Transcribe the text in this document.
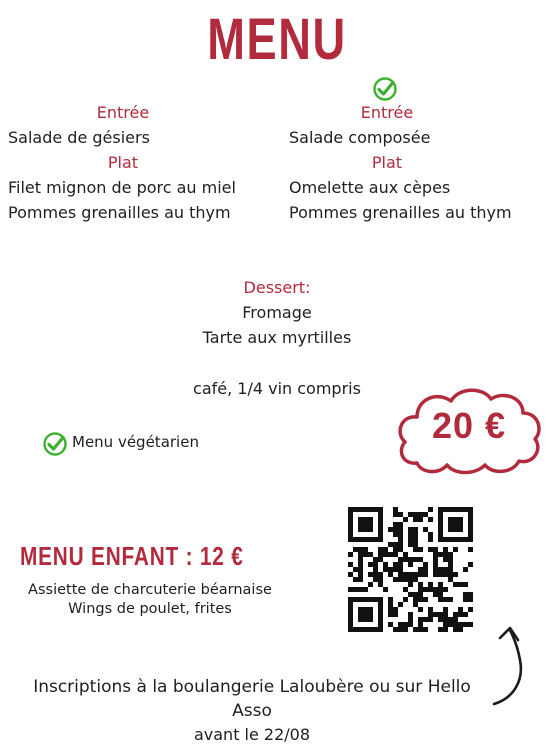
MENU
Entrée
Salade de gésiers
Plat
Filet mignon de porc au miel
Pommes grenailles au thym
Entrée
Salade composée
Plat
Omelette aux cèpes
Pommes grenailles au thym
Dessert:
Fromage
Tarte aux myrtilles
café, 1/4 vin compris
20 €
Menu végétarien
MENU ENFANT : 12 €
Assiette de charcuterie béarnaise
Wings de poulet, frites
Inscriptions à la boulangerie Laloubère ou sur Hello
Asso
avant le 22/08
